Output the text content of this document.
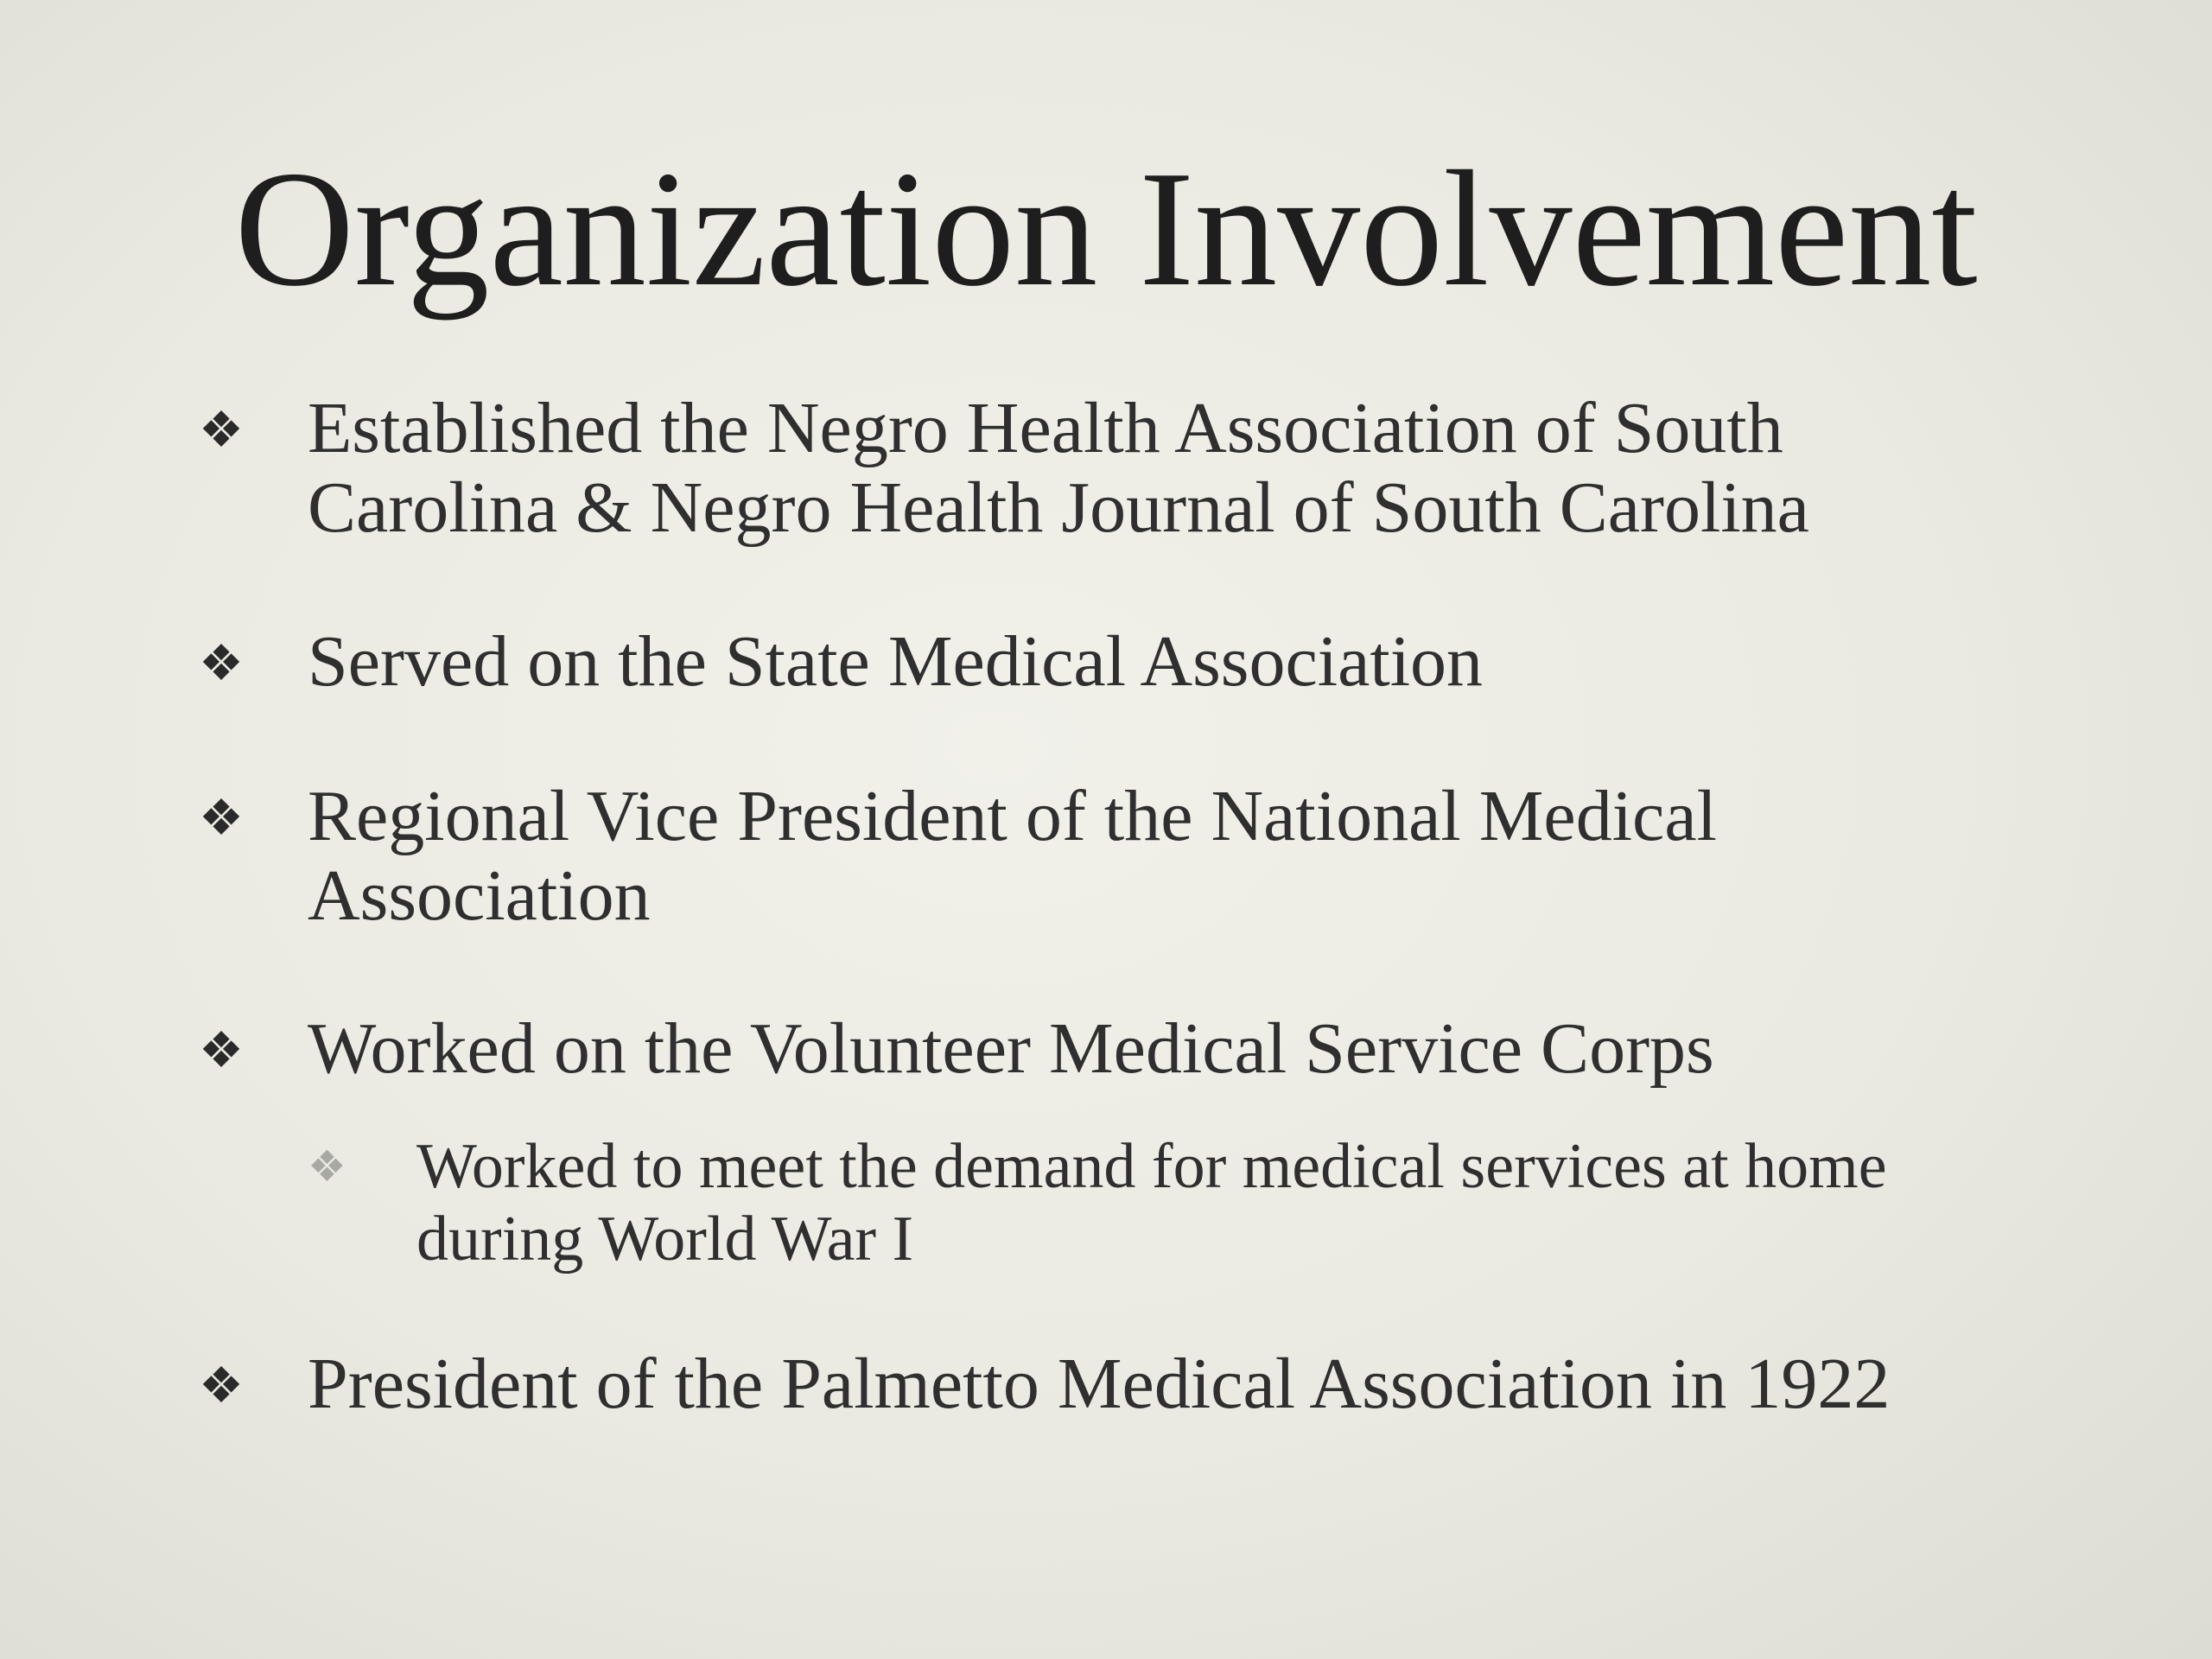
Organization Involvement
❖ Established the Negro Health Association of South Carolina & Negro Health Journal of South Carolina
❖ Served on the State Medical Association
❖ Regional Vice President of the National Medical Association
❖ Worked on the Volunteer Medical Service Corps
❖ Worked to meet the demand for medical services at home during World War I
❖ President of the Palmetto Medical Association in 1922
